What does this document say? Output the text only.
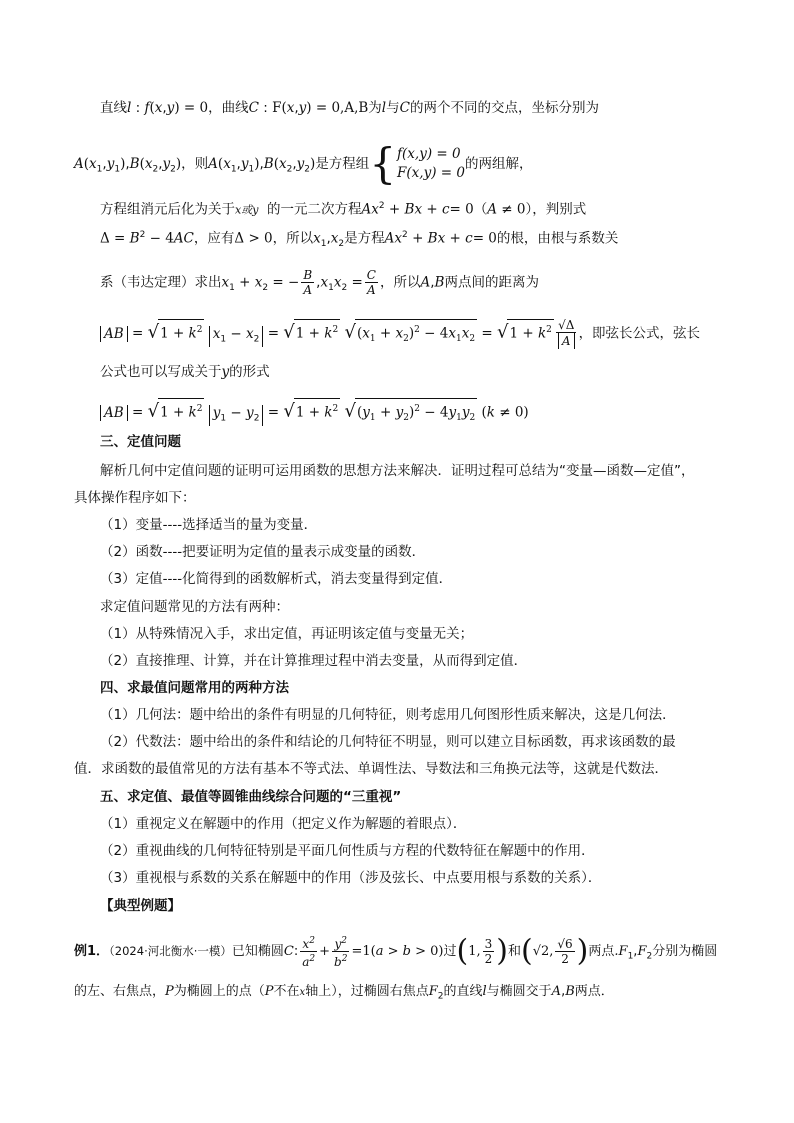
直线l : f(x,y) = 0，曲线C : F(x,y) = 0,A,B为l与C的两个不同的交点，坐标分别为
$A(x_1,y_1),B(x_2,y_2)$，则$A(x_1,y_1),B(x_2,y_2)$是方程组 { f(x,y) = 0
F(x,y) = 0
的两组解，
方程组消元后化为关于x或y 的一元二次方程$Ax^2 + Bx + c= 0(A \ne 0)$，判别式
$\Delta = B^2 - 4AC$，应有Δ > 0，所以$x_1,x_2$是方程$Ax^2 + Bx + c= 0$的根，由根与系数关
系（韦达定理）求出$x_1 + x_2$ = − $\frac{B}{A} ,x_1x_2 = \frac{C}{A}$ ，所以A,B两点间的距离为
AB = $√1 + k^2$ $x_1 - x_2 = √1 + k^2$ $√(x_1 + x_2)^2 - 4x_1x_2 = √1 + k^2 \frac{√\Delta}{A}$ ，即弦长公式，弦长
公式也可以写成关于y的形式
AB = $√1 + k^2$ $y_1 - y_2 = √1 + k^2$ $√(y_1 + y_2)^2 - 4y_1y_2$ (k ≠ 0)
三、定值问题
解析几何中定值问题的证明可运用函数的思想方法来解决．证明过程可总结为“变量—函数—定值”，
具体操作程序如下：
（1）变量----选择适当的量为变量．
（2）函数----把要证明为定值的量表示成变量的函数．
（3）定值----化简得到的函数解析式，消去变量得到定值．
求定值问题常见的方法有两种：
（1）从特殊情况入手，求出定值，再证明该定值与变量无关；
（2）直接推理、计算，并在计算推理过程中消去变量，从而得到定值．
四、求最值问题常用的两种方法
（1）几何法：题中给出的条件有明显的几何特征，则考虑用几何图形性质来解决，这是几何法．
（2）代数法：题中给出的条件和结论的几何特征不明显，则可以建立目标函数，再求该函数的最
值．求函数的最值常见的方法有基本不等式法、单调性法、导数法和三角换元法等，这就是代数法．
五、求定值、最值等圆锥曲线综合问题的“三重视”
（1）重视定义在解题中的作用（把定义作为解题的着眼点）．
（2）重视曲线的几何特征特别是平面几何性质与方程的代数特征在解题中的作用．
（3）重视根与系数的关系在解题中的作用（涉及弦长、中点要用根与系数的关系）．
【典型例题】
例1．（2024·河北衡水·一模）已知椭圆C: $\frac{x^2}{a^2} + \frac{y^2}{b^2} =1(a > b > 0)$过(1, $\frac{3}{2}$ )和(√2, $\frac{√6}{2}$ )两点$.F_1,F_2$分别为椭圆
的左、右焦点，P为椭圆上的点（P不在x轴上），过椭圆右焦点$F_2$的直线l与椭圆交于A,B两点．
